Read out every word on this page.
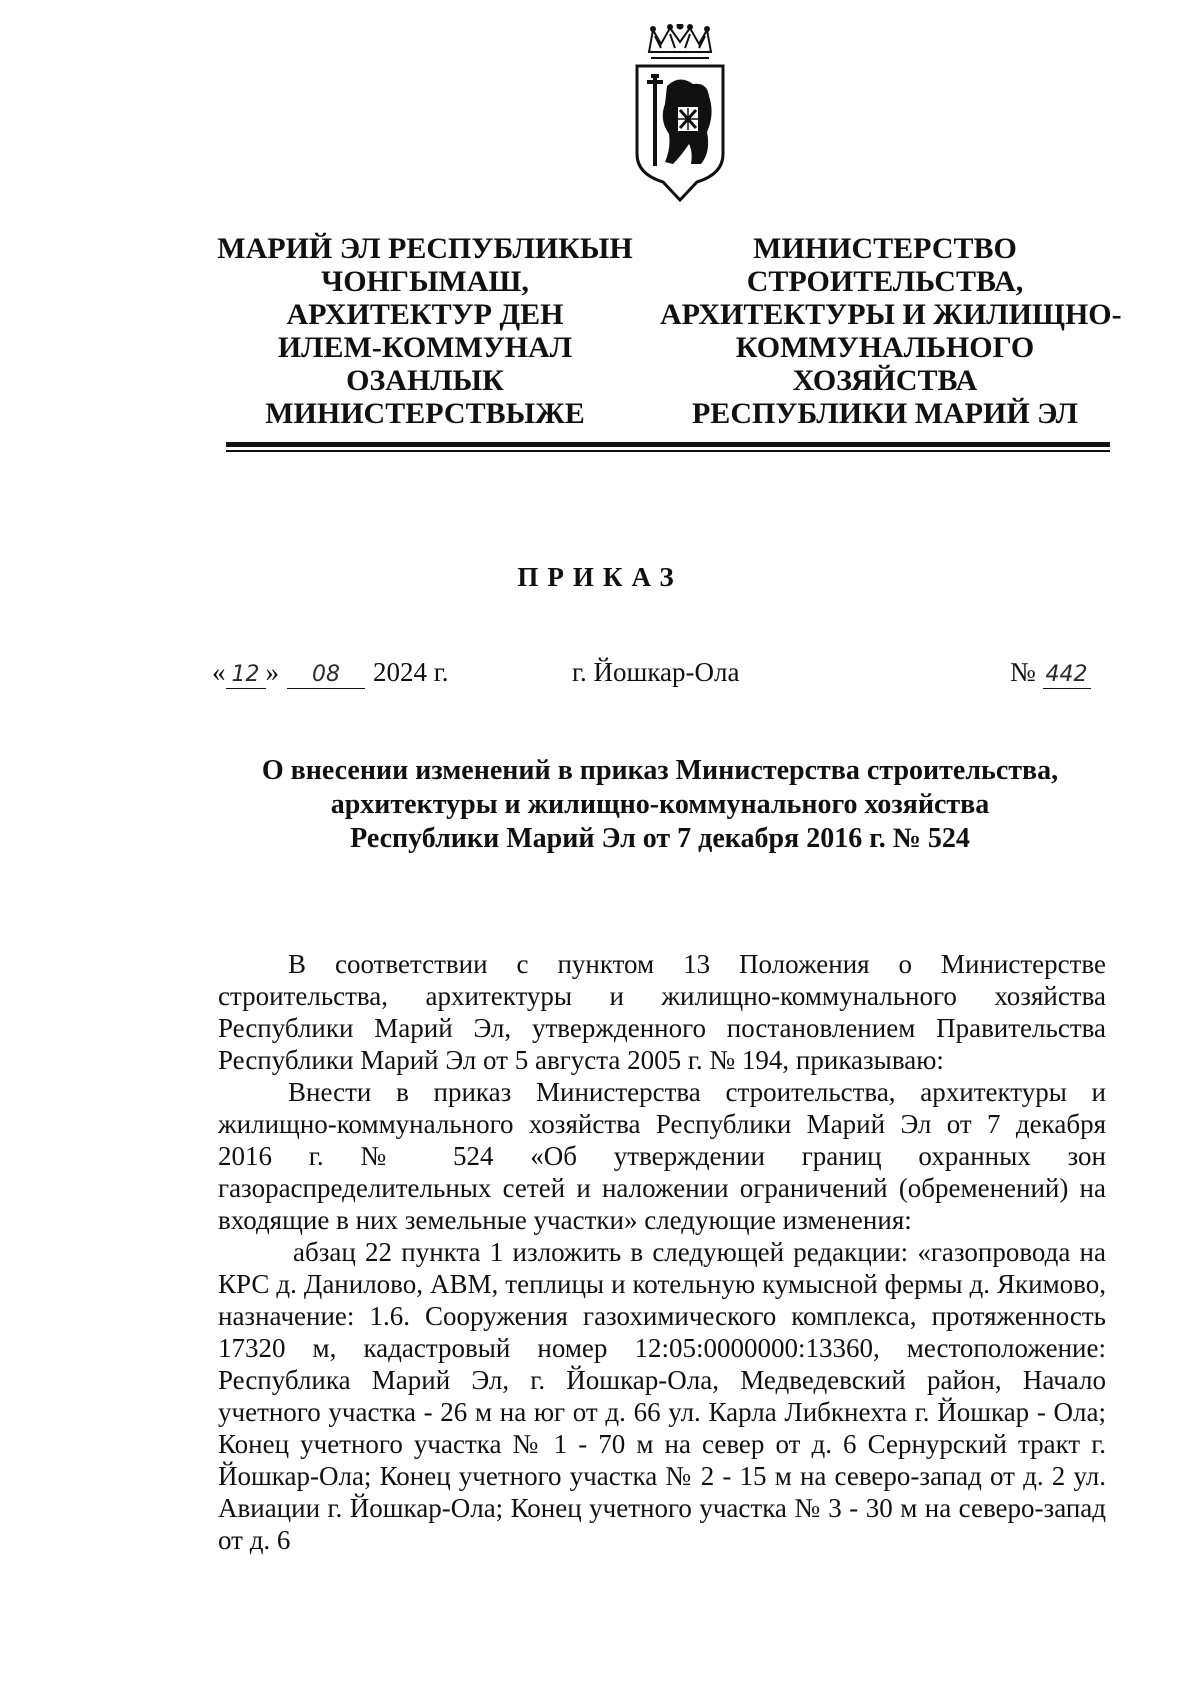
МАРИЙ ЭЛ РЕСПУБЛИКЫН
ЧОНГЫМАШ,
АРХИТЕКТУР ДЕН
ИЛЕМ-КОММУНАЛ
ОЗАНЛЫК
МИНИСТЕРСТВЫЖЕ
МИНИСТЕРСТВО
СТРОИТЕЛЬСТВА,
АРХИТЕКТУРЫ И ЖИЛИЩНО-
КОММУНАЛЬНОГО
ХОЗЯЙСТВА
РЕСПУБЛИКИ МАРИЙ ЭЛ
ПРИКАЗ
« 12 » 08 2024 г.	г. Йошкар-Ола	№ 442
О внесении изменений в приказ Министерства строительства,
архитектуры и жилищно-коммунального хозяйства
Республики Марий Эл от 7 декабря 2016 г. № 524

В соответствии с пунктом 13 Положения о Министерстве строительства, архитектуры и жилищно-коммунального хозяйства Республики Марий Эл, утвержденного постановлением Правительства Республики Марий Эл от 5 августа 2005 г. № 194, приказываю:

Внести в приказ Министерства строительства, архитектуры и жилищно-коммунального хозяйства Республики Марий Эл от 7 декабря 2016 г. № 524 «Об утверждении границ охранных зон газораспределительных сетей и наложении ограничений (обременений) на входящие в них земельные участки» следующие изменения:

абзац 22 пункта 1 изложить в следующей редакции: «газопровода на КРС д. Данилово, АВМ, теплицы и котельную кумысной фермы д. Якимово, назначение: 1.6. Сооружения газохимического комплекса, протяженность 17320 м, кадастровый номер 12:05:0000000:13360, местоположение: Республика Марий Эл, г. Йошкар-Ола, Медведевский район, Начало учетного участка - 26 м на юг от д. 66 ул. Карла Либкнехта г. Йошкар - Ола; Конец учетного участка № 1 - 70 м на север от д. 6 Сернурский тракт г. Йошкар-Ола; Конец учетного участка № 2 - 15 м на северо-запад от д. 2 ул. Авиации г. Йошкар-Ола; Конец учетного участка № 3 - 30 м на северо-запад от д. 6
